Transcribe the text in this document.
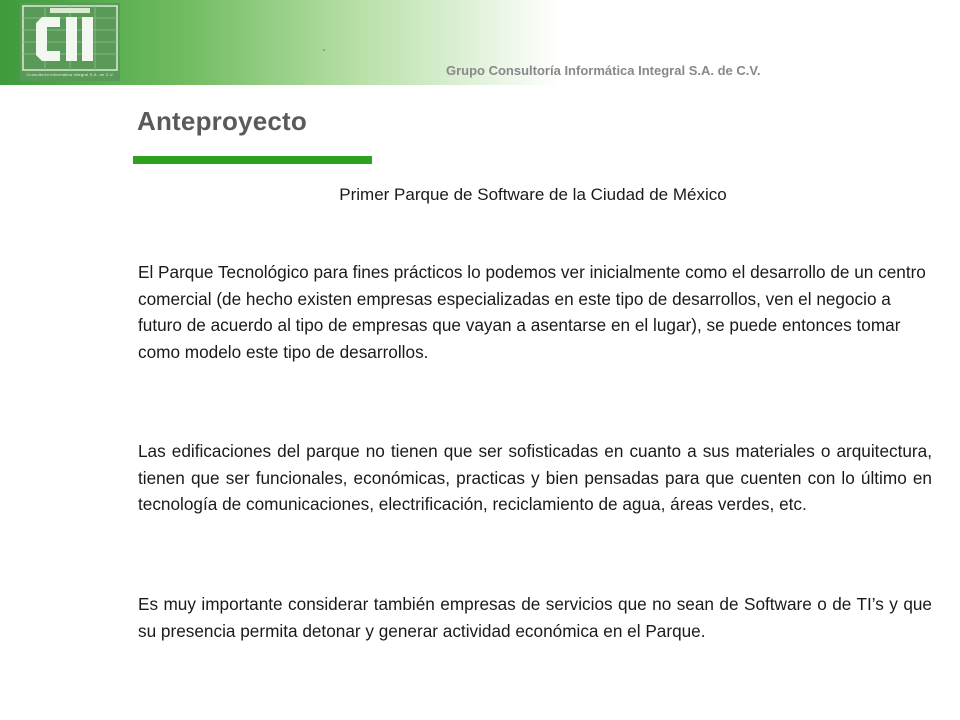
Consultoría Informática Integral S.A. de C.V.	Grupo Consultoría Informática Integral S.A. de C.V.
Anteproyecto
Primer Parque de Software de la Ciudad de México

El Parque Tecnológico para fines prácticos lo podemos ver inicialmente como el desarrollo de un centro comercial (de hecho existen empresas especializadas en este tipo de desarrollos, ven el negocio a futuro de acuerdo al tipo de empresas que vayan a asentarse en el lugar), se puede entonces tomar como modelo este tipo de desarrollos.

Las edificaciones del parque no tienen que ser sofisticadas en cuanto a sus materiales o arquitectura, tienen que ser funcionales, económicas, practicas y bien pensadas para que cuenten con lo último en tecnología de comunicaciones, electrificación, reciclamiento de agua, áreas verdes, etc.

Es muy importante considerar también empresas de servicios que no sean de Software o de TI’s y que su presencia permita detonar y generar actividad económica en el Parque.
